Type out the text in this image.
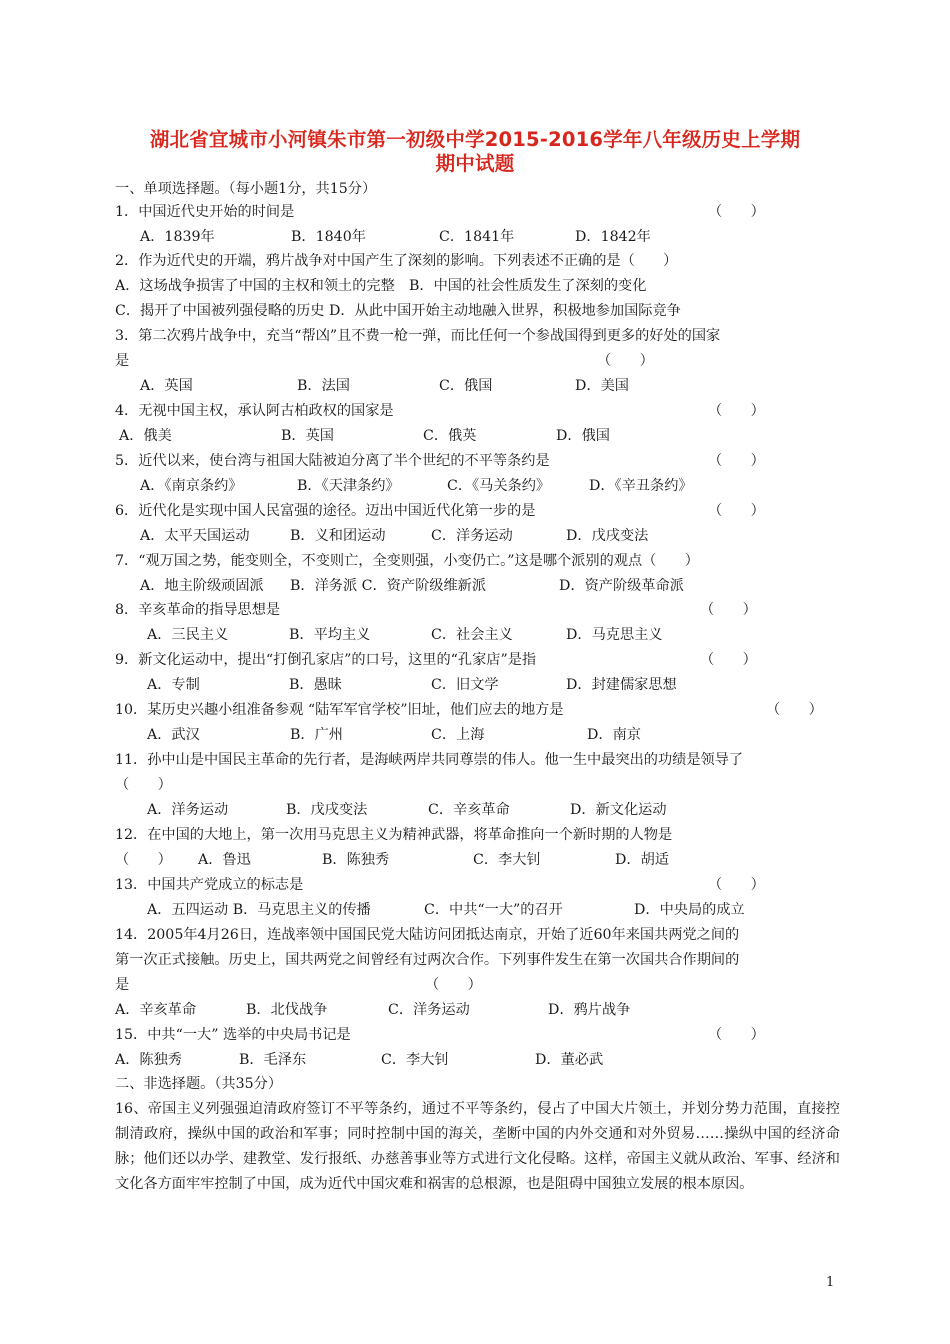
湖北省宜城市小河镇朱市第一初级中学2015-2016学年八年级历史上学期
期中试题
一、单项选择题。（每小题1分，共15分）
1．中国近代史开始的时间是	（　　）
A．1839年	B．1840年	C．1841年	D．1842年
2．作为近代史的开端，鸦片战争对中国产生了深刻的影响。下列表述不正确的是（　　）
A．这场战争损害了中国的主权和领土的完整　B．中国的社会性质发生了深刻的变化
C．揭开了中国被列强侵略的历史 D．从此中国开始主动地融入世界，积极地参加国际竞争
3．第二次鸦片战争中，充当“帮凶”且不费一枪一弹，而比任何一个参战国得到更多的好处的国家
是	（　　）
A．英国	B．法国	C．俄国	D．美国
4．无视中国主权，承认阿古柏政权的国家是	（　　）
A．俄美	B．英国	C．俄英	D．俄国
5．近代以来，使台湾与祖国大陆被迫分离了半个世纪的不平等条约是	（　　）
A．《南京条约》	B．《天津条约》	C．《马关条约》	D．《辛丑条约》
6．近代化是实现中国人民富强的途径。迈出中国近代化第一步的是	（　　）
A．太平天国运动	B．义和团运动	C．洋务运动	D．戊戌变法
7．“观万国之势，能变则全，不变则亡，全变则强，小变仍亡。”这是哪个派别的观点（　　）
A．地主阶级顽固派 B．洋务派 C．资产阶级维新派	D．资产阶级革命派
8．辛亥革命的指导思想是	（　　）
A．三民主义	B．平均主义	C．社会主义	D．马克思主义
9．新文化运动中，提出“打倒孔家店”的口号，这里的“孔家店”是指	（　　）
A．专制	B．愚昧	C．旧文学	D．封建儒家思想
10．某历史兴趣小组准备参观 “陆军军官学校”旧址，他们应去的地方是	（　　）
A．武汉	B．广州	C．上海	D．南京
11．孙中山是中国民主革命的先行者，是海峡两岸共同尊崇的伟人。他一生中最突出的功绩是领导了
（　　）
A．洋务运动	B．戊戌变法	C．辛亥革命	D．新文化运动
12．在中国的大地上，第一次用马克思主义为精神武器，将革命推向一个新时期的人物是
（　　） A．鲁迅	B．陈独秀	C．李大钊	D．胡适
13．中国共产党成立的标志是	（　　）
A．五四运动 B．马克思主义的传播	C．中共“一大”的召开	D．中央局的成立
14．2005年4月26日，连战率领中国国民党大陆访问团抵达南京，开始了近60年来国共两党之间的
第一次正式接触。历史上，国共两党之间曾经有过两次合作。下列事件发生在第一次国共合作期间的
是	（　　）
A．辛亥革命	B．北伐战争	C．洋务运动	D．鸦片战争
15．中共“一大” 选举的中央局书记是	（　　）
A．陈独秀	B．毛泽东	C．李大钊	D．董必武
二、非选择题。（共35分）
16、帝国主义列强强迫清政府签订不平等条约，通过不平等条约，侵占了中国大片领土，并划分势力范围，直接控制清政府，操纵中国的政治和军事；同时控制中国的海关，垄断中国的内外交通和对外贸易……操纵中国的经济命脉；他们还以办学、建教堂、发行报纸、办慈善事业等方式进行文化侵略。这样，帝国主义就从政治、军事、经济和文化各方面牢牢控制了中国，成为近代中国灾难和祸害的总根源，也是阻碍中国独立发展的根本原因。
1
